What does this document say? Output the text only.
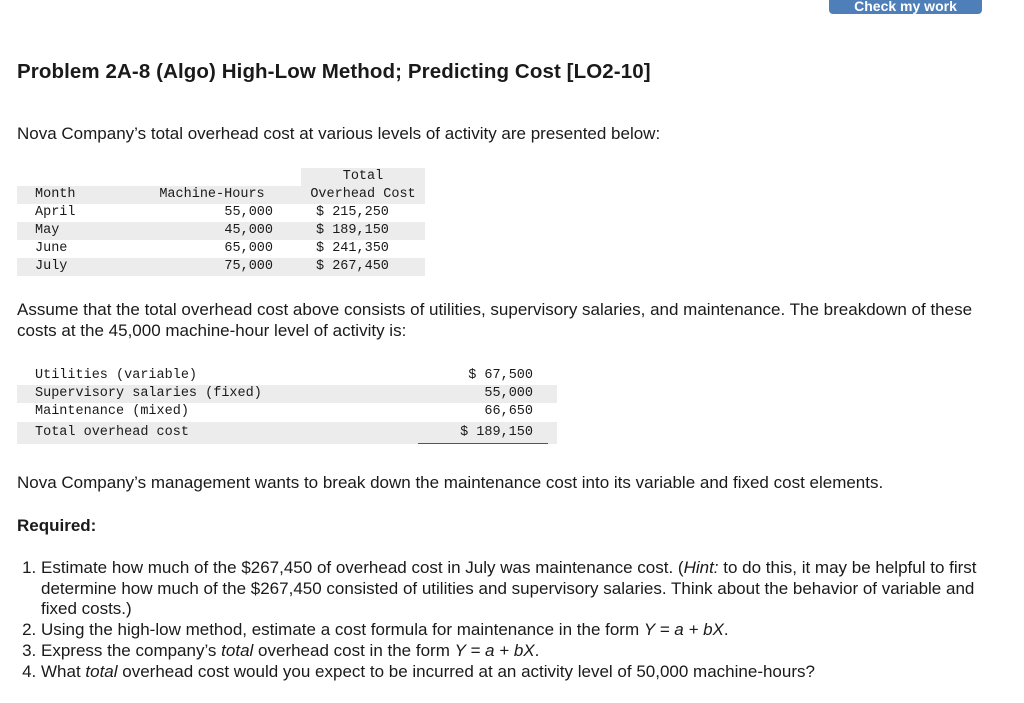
Check my work
Problem 2A-8 (Algo) High-Low Method; Predicting Cost [LO2-10]

Nova Company’s total overhead cost at various levels of activity are presented below:

Total
Month	Machine-Hours	Overhead Cost
April	55,000	$ 215,250
May	45,000	$ 189,150
June	65,000	$ 241,350
July	75,000	$ 267,450

Assume that the total overhead cost above consists of utilities, supervisory salaries, and maintenance. The breakdown of these costs at the 45,000 machine-hour level of activity is:

Utilities (variable)	$ 67,500
Supervisory salaries (fixed)	55,000
Maintenance (mixed)	66,650
Total overhead cost	$ 189,150

Nova Company’s management wants to break down the maintenance cost into its variable and fixed cost elements.

Required:
1. Estimate how much of the $267,450 of overhead cost in July was maintenance cost. (Hint: to do this, it may be helpful to first determine how much of the $267,450 consisted of utilities and supervisory salaries. Think about the behavior of variable and fixed costs.)
2. Using the high-low method, estimate a cost formula for maintenance in the form Y = a + bX.
3. Express the company’s total overhead cost in the form Y = a + bX.
4. What total overhead cost would you expect to be incurred at an activity level of 50,000 machine-hours?
